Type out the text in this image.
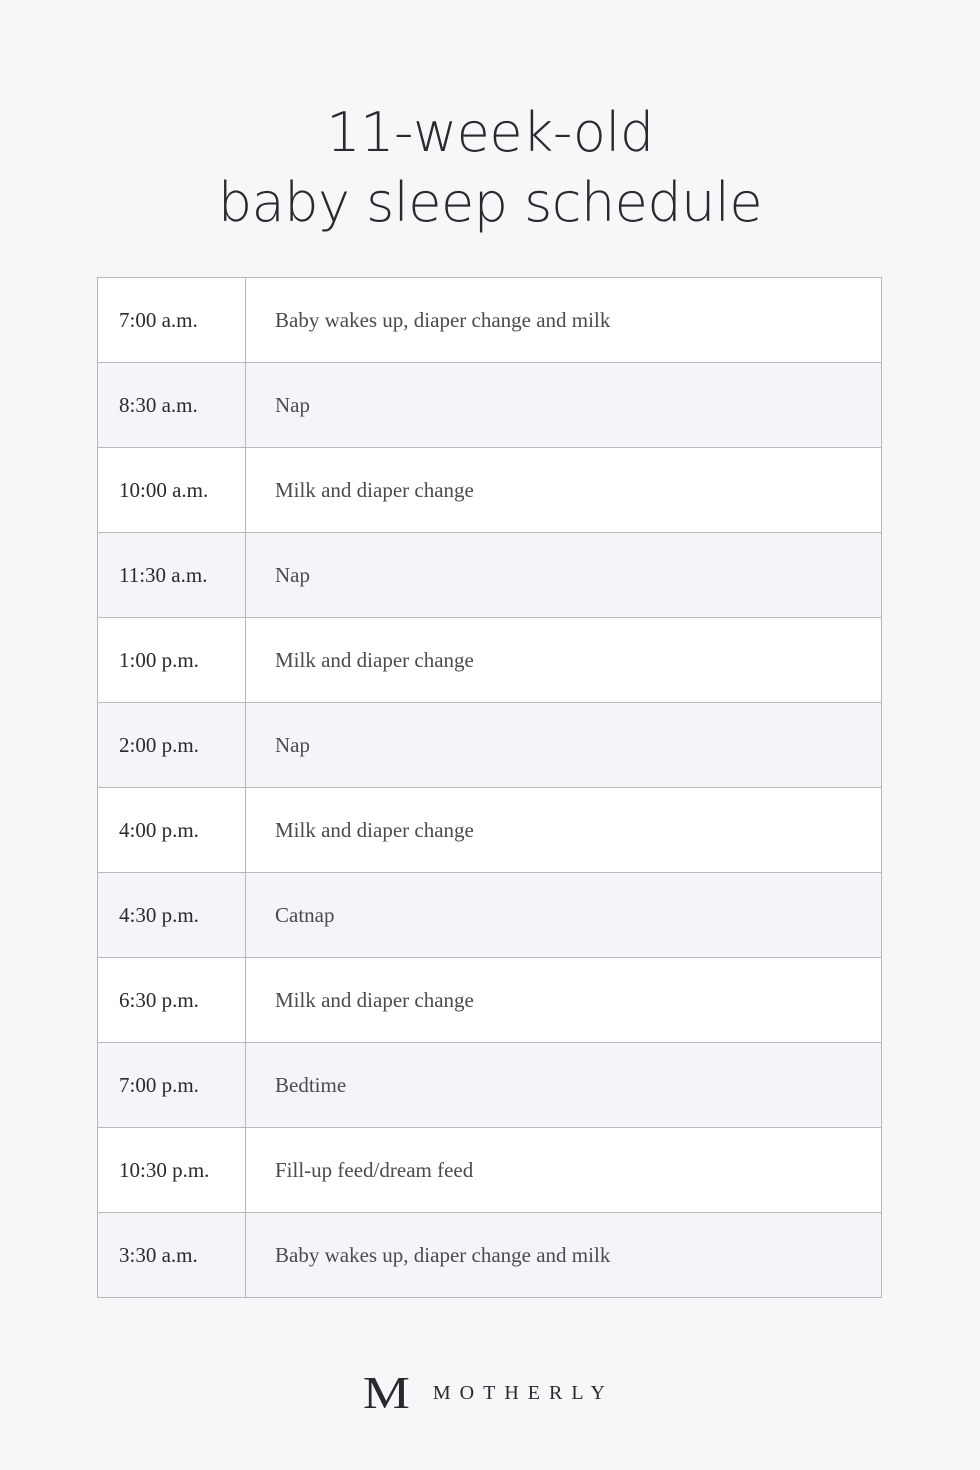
11-week-old
baby sleep schedule
7:00 a.m.	Baby wakes up, diaper change and milk
8:30 a.m.	Nap
10:00 a.m.	Milk and diaper change
11:30 a.m.	Nap
1:00 p.m.	Milk and diaper change
2:00 p.m.	Nap
4:00 p.m.	Milk and diaper change
4:30 p.m.	Catnap
6:30 p.m.	Milk and diaper change
7:00 p.m.	Bedtime
10:30 p.m.	Fill-up feed/dream feed
3:30 a.m.	Baby wakes up, diaper change and milk
M MOTHERLY
